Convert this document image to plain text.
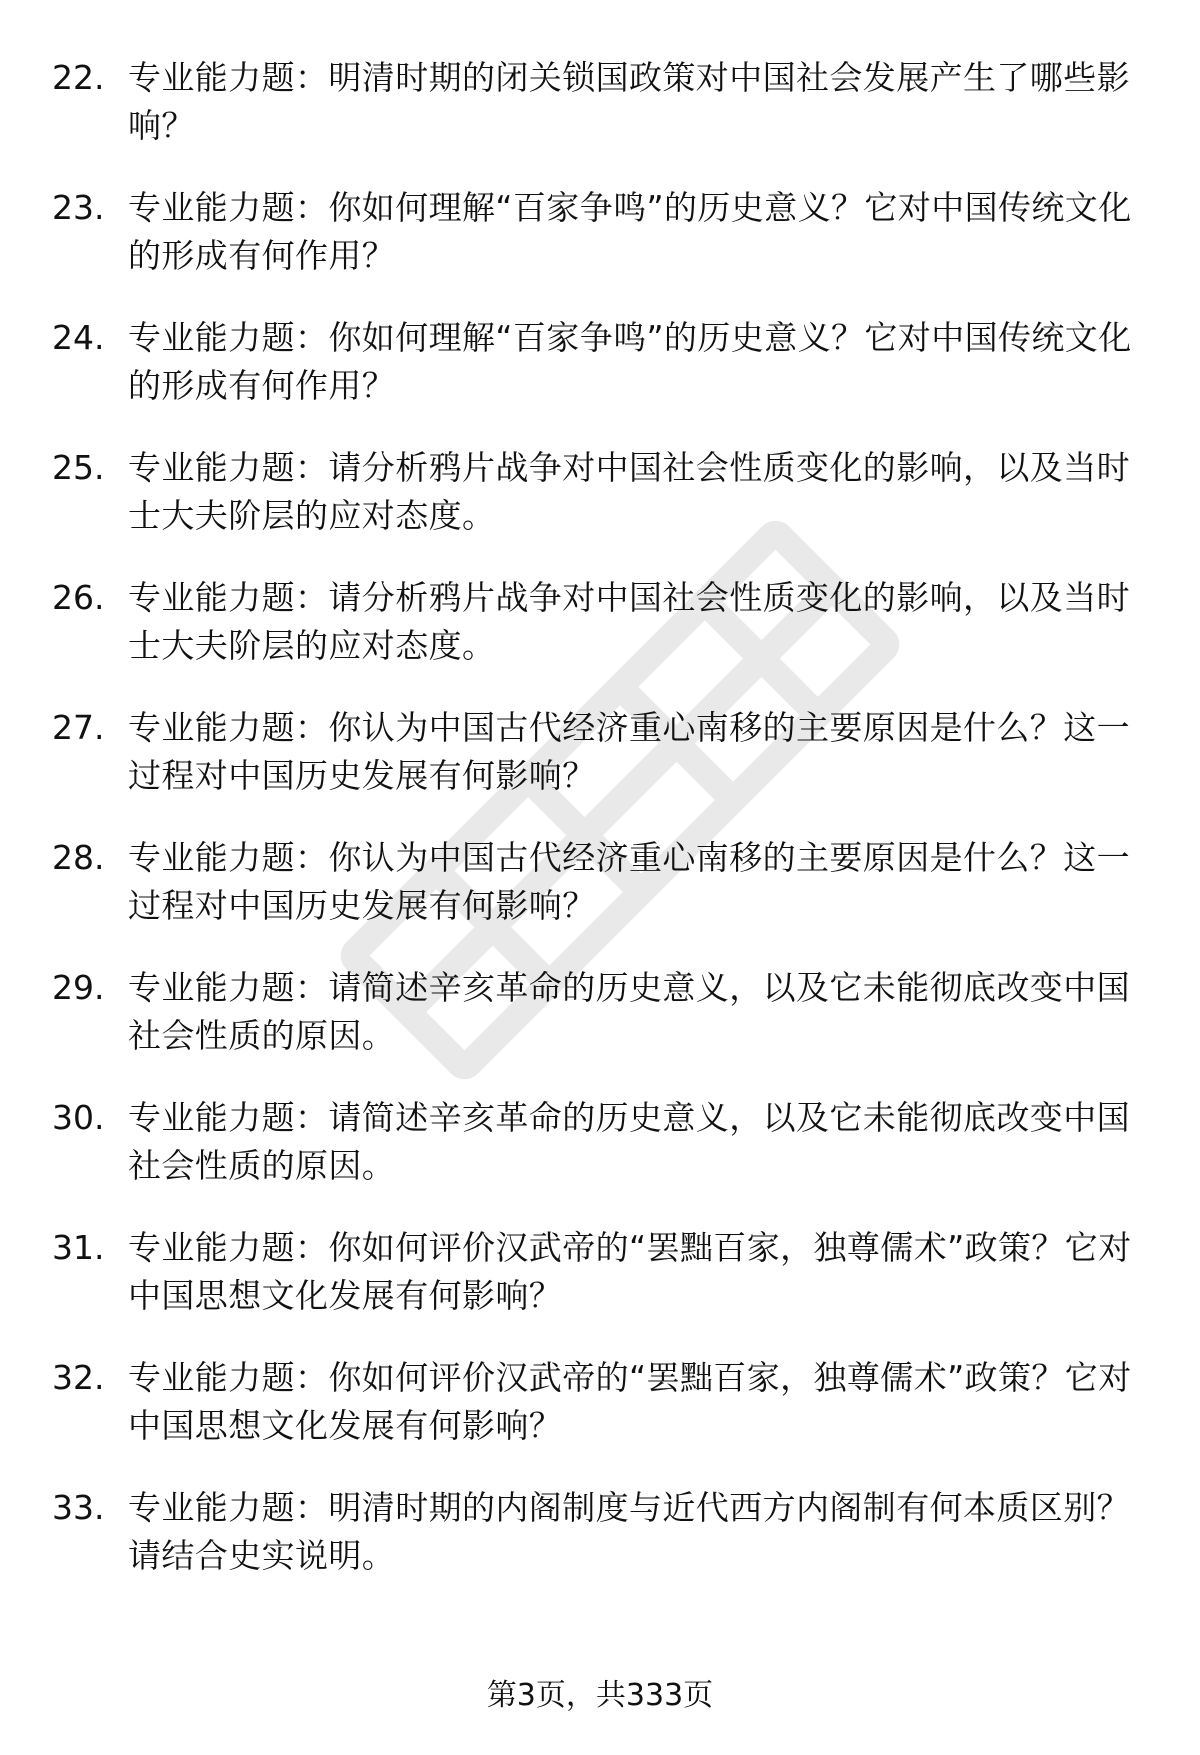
22. 专业能力题：明清时期的闭关锁国政策对中国社会发展产生了哪些影响？
23. 专业能力题：你如何理解“百家争鸣”的历史意义？它对中国传统文化的形成有何作用？
24. 专业能力题：你如何理解“百家争鸣”的历史意义？它对中国传统文化的形成有何作用？
25. 专业能力题：请分析鸦片战争对中国社会性质变化的影响，以及当时士大夫阶层的应对态度。
26. 专业能力题：请分析鸦片战争对中国社会性质变化的影响，以及当时士大夫阶层的应对态度。
27. 专业能力题：你认为中国古代经济重心南移的主要原因是什么？这一过程对中国历史发展有何影响？
28. 专业能力题：你认为中国古代经济重心南移的主要原因是什么？这一过程对中国历史发展有何影响？
29. 专业能力题：请简述辛亥革命的历史意义，以及它未能彻底改变中国社会性质的原因。
30. 专业能力题：请简述辛亥革命的历史意义，以及它未能彻底改变中国社会性质的原因。
31. 专业能力题：你如何评价汉武帝的“罢黜百家，独尊儒术”政策？它对中国思想文化发展有何影响？
32. 专业能力题：你如何评价汉武帝的“罢黜百家，独尊儒术”政策？它对中国思想文化发展有何影响？
33. 专业能力题：明清时期的内阁制度与近代西方内阁制有何本质区别？请结合史实说明。
第3页，共333页
